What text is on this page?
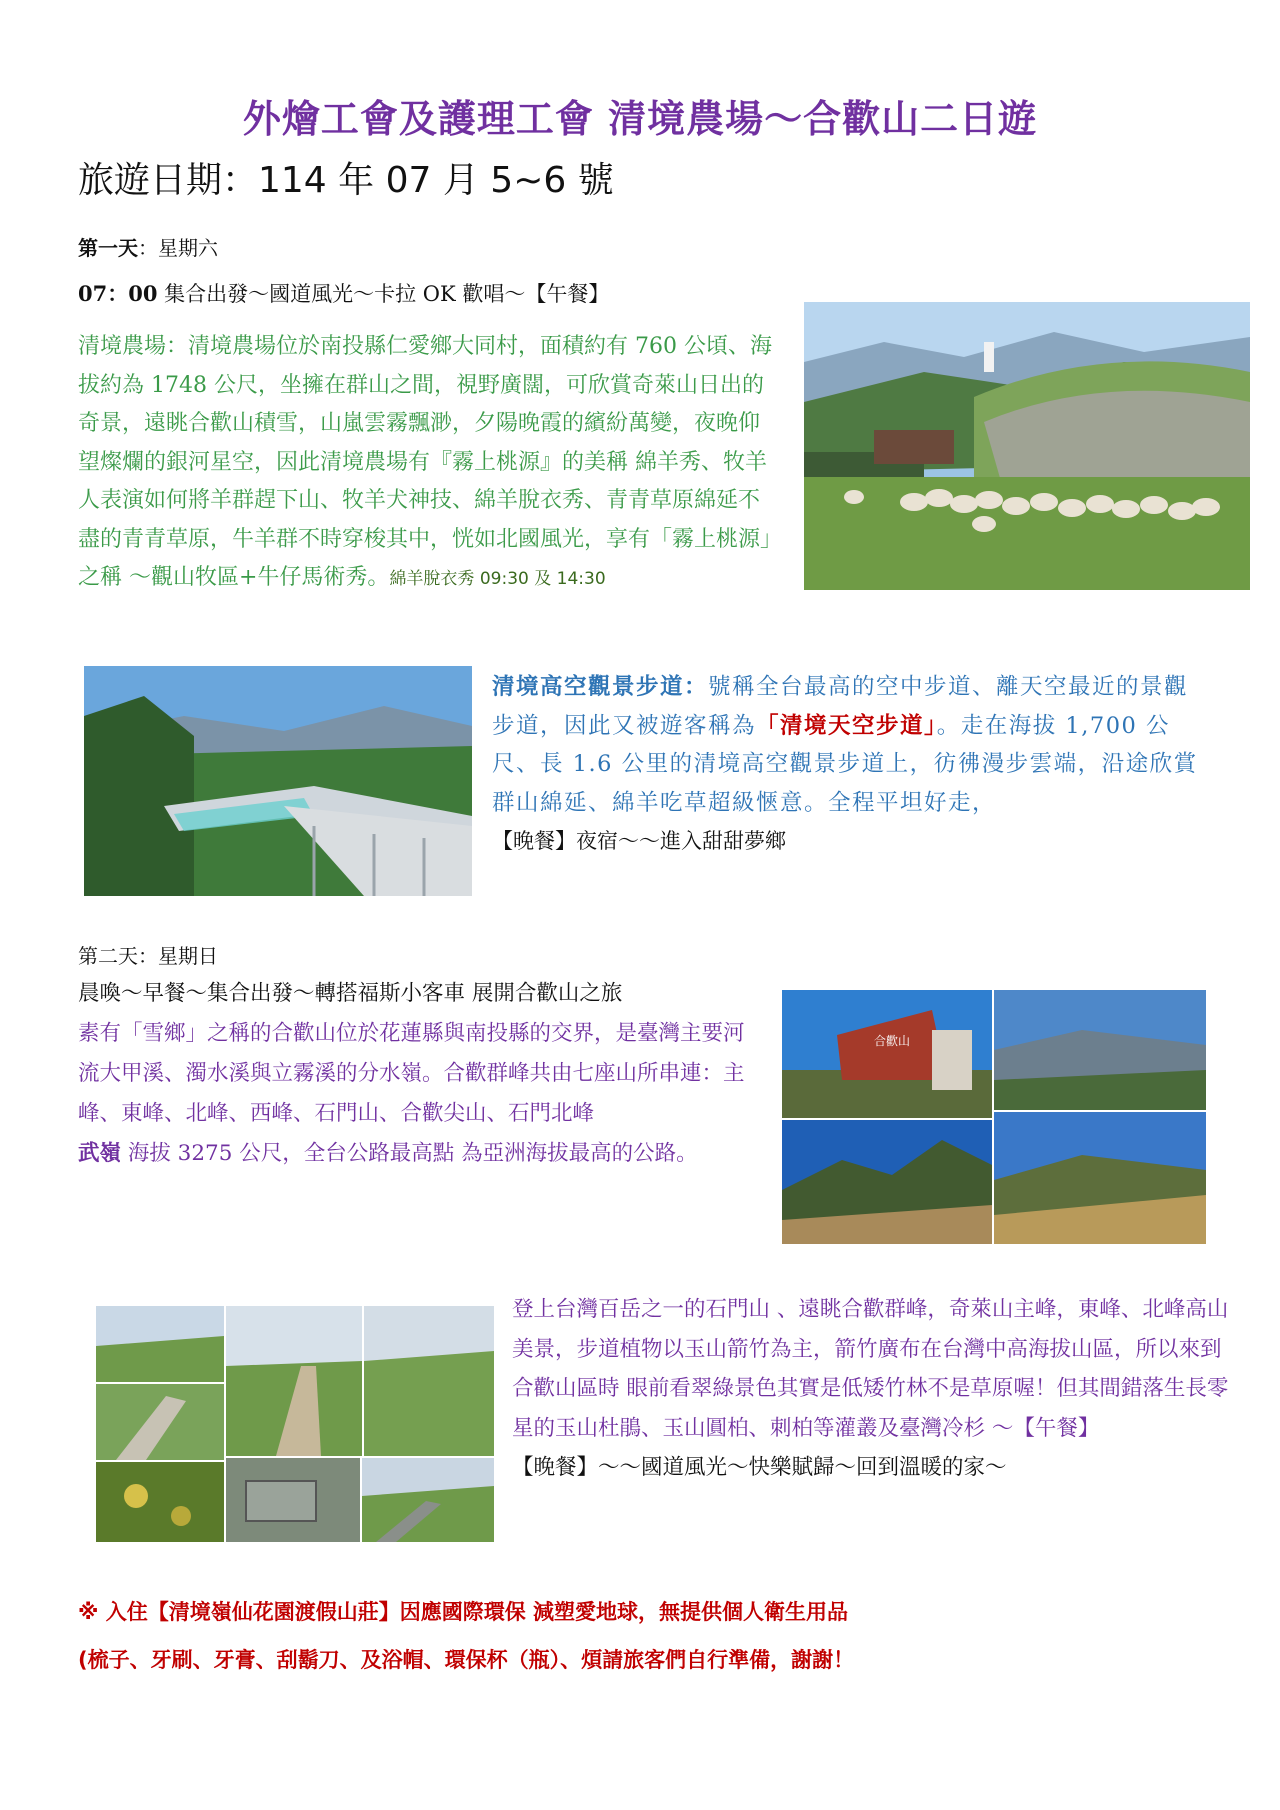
外燴工會及護理工會 清境農場～合歡山二日遊
旅遊日期：114 年 07 月 5~6 號
第一天：星期六
07：00 集合出發～國道風光～卡拉 OK 歡唱～【午餐】
清境農場：清境農場位於南投縣仁愛鄉大同村，面積約有 760 公頃、海拔約為 1748 公尺，坐擁在群山之間，視野廣闊，可欣賞奇萊山日出的奇景，遠眺合歡山積雪，山嵐雲霧飄渺，夕陽晚霞的繽紛萬變，夜晚仰望燦爛的銀河星空，因此清境農場有『霧上桃源』的美稱 綿羊秀、牧羊人表演如何將羊群趕下山、牧羊犬神技、綿羊脫衣秀、青青草原綿延不盡的青青草原，牛羊群不時穿梭其中，恍如北國風光，享有「霧上桃源」之稱 ～觀山牧區+牛仔馬術秀。綿羊脫衣秀 09:30 及 14:30
清境高空觀景步道：號稱全台最高的空中步道、離天空最近的景觀步道，因此又被遊客稱為「清境天空步道」。走在海拔 1,700 公尺、長 1.6 公里的清境高空觀景步道上，彷彿漫步雲端，沿途欣賞群山綿延、綿羊吃草超級愜意。全程平坦好走，
【晚餐】夜宿～～進入甜甜夢鄉
第二天：星期日
晨喚～早餐～集合出發～轉搭福斯小客車 展開合歡山之旅
素有「雪鄉」之稱的合歡山位於花蓮縣與南投縣的交界，是臺灣主要河流大甲溪、濁水溪與立霧溪的分水嶺。合歡群峰共由七座山所串連：主峰、東峰、北峰、西峰、石門山、合歡尖山、石門北峰
武嶺 海拔 3275 公尺，全台公路最高點 為亞洲海拔最高的公路。
合歡山
登上台灣百岳之一的石門山 、遠眺合歡群峰，奇萊山主峰，東峰、北峰高山美景，步道植物以玉山箭竹為主，箭竹廣布在台灣中高海拔山區，所以來到合歡山區時 眼前看翠綠景色其實是低矮竹林不是草原喔！但其間錯落生長零星的玉山杜鵑、玉山圓柏、刺柏等灌叢及臺灣冷杉 ～【午餐】
【晚餐】～～國道風光～快樂賦歸～回到溫暖的家～
※ 入住【清境嶺仙花園渡假山莊】因應國際環保 減塑愛地球，無提供個人衛生用品
(梳子、牙刷、牙膏、刮鬍刀、及浴帽、環保杯（瓶）、煩請旅客們自行準備，謝謝！
